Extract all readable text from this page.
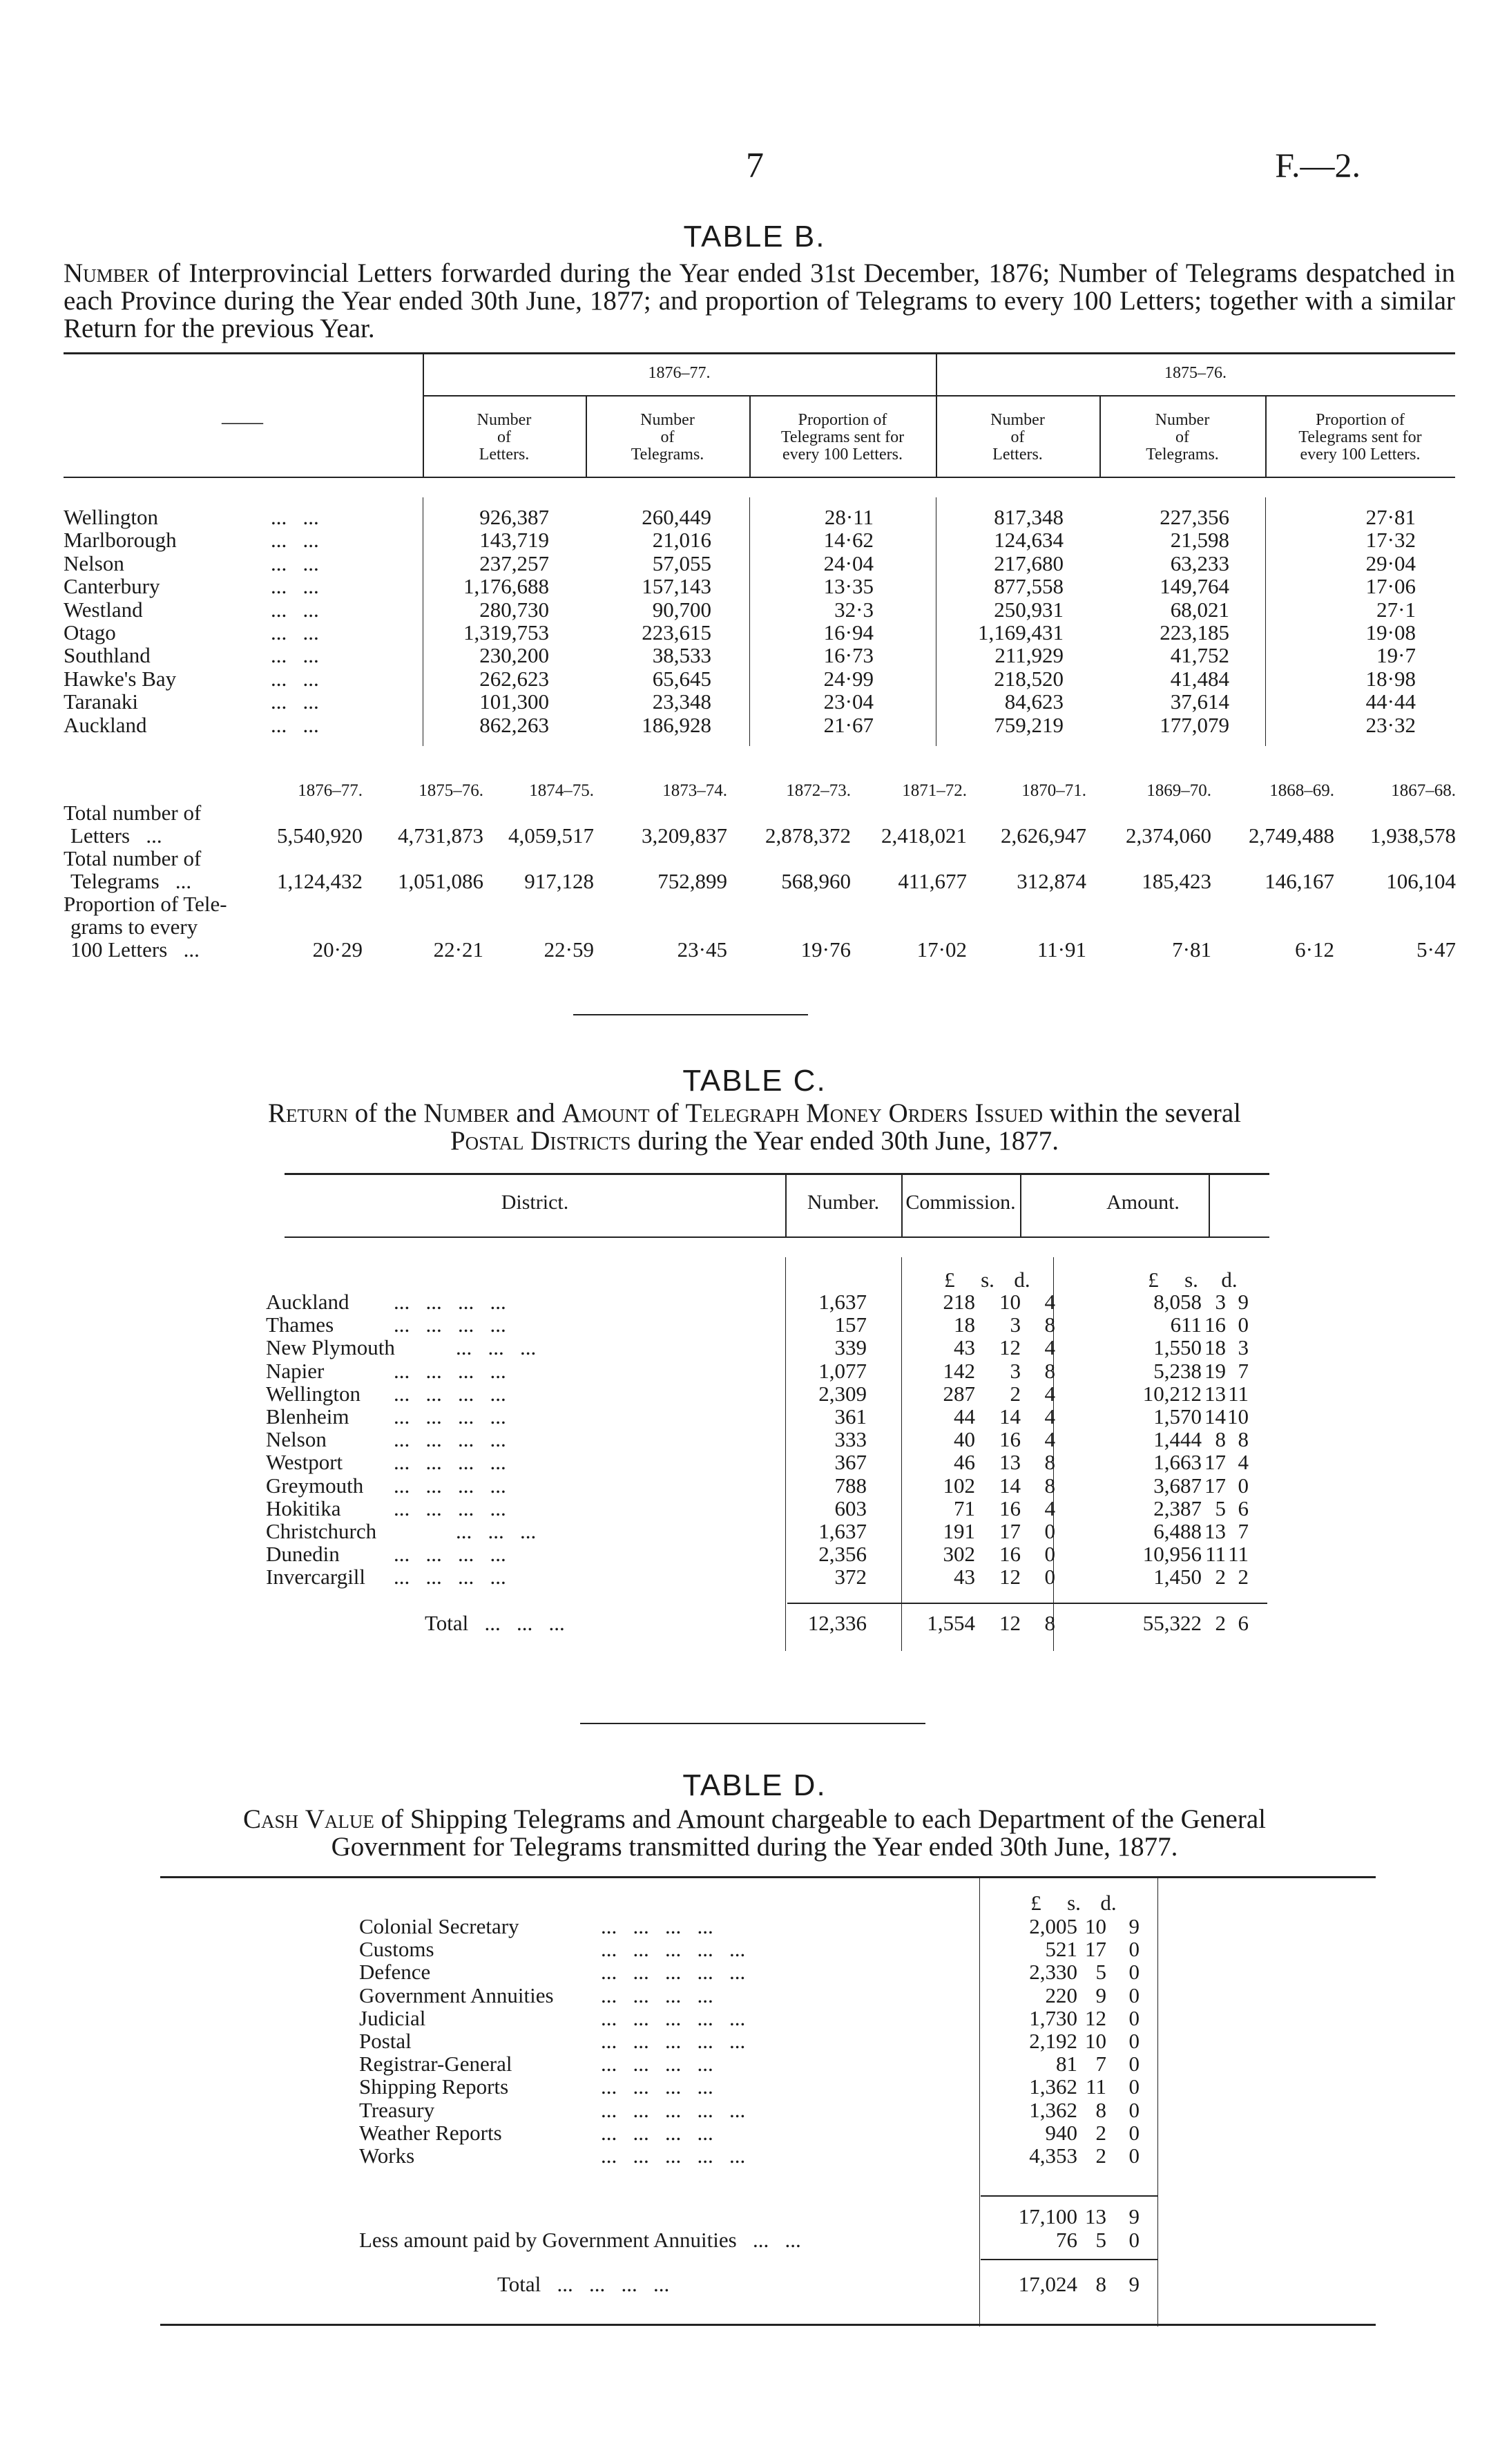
7	F.—2.
TABLE B.
Number of Interprovincial Letters forwarded during the Year ended 31st December, 1876; Number of Telegrams despatched in each Province during the Year ended 30th June, 1877; and proportion of Telegrams to every 100 Letters; together with a similar Return for the previous Year.
——
1876–77.	1875–76.
Number
of
Letters.
Number
of
Telegrams.
Proportion of
Telegrams sent for
every 100 Letters.
Number
of
Letters.
Number
of
Telegrams.
Proportion of
Telegrams sent for
every 100 Letters.
Wellington	...   ...	926,387	260,449	28·11	817,348	227,356	27·81
Marlborough	...   ...	143,719	21,016	14·62	124,634	21,598	17·32
Nelson	...   ...	237,257	57,055	24·04	217,680	63,233	29·04
Canterbury	...   ...	1,176,688	157,143	13·35	877,558	149,764	17·06
Westland	...   ...	280,730	90,700	32·3	250,931	68,021	27·1
Otago	...   ...	1,319,753	223,615	16·94	1,169,431	223,185	19·08
Southland	...   ...	230,200	38,533	16·73	211,929	41,752	19·7
Hawke's Bay	...   ...	262,623	65,645	24·99	218,520	41,484	18·98
Taranaki	...   ...	101,300	23,348	23·04	84,623	37,614	44·44
Auckland	...   ...	862,263	186,928	21·67	759,219	177,079	23·32
1876–77.	1875–76.	1874–75.	1873–74.	1872–73.	1871–72.	1870–71.	1869–70.	1868–69.	1867–68.
Total number of
Letters   ...
Total number of
Telegrams   ...
Proportion of Tele-
grams to every
100 Letters   ...
5,540,920	4,731,873	4,059,517	3,209,837	2,878,372	2,418,021	2,626,947	2,374,060	2,749,488	1,938,578
1,124,432	1,051,086	917,128	752,899	568,960	411,677	312,874	185,423	146,167	106,104
20·29	22·21	22·59	23·45	19·76	17·02	11·91	7·81	6·12	5·47
TABLE C.
Return of the Number and Amount of Telegraph Money Orders Issued within the several
Postal Districts during the Year ended 30th June, 1877.
District.	Number.	Commission.	Amount.
£	s. d.	£	s.	d.
Auckland ...   ...   ...   ...	1,637	218	10	4	8,058 3 9
Thames	...   ...   ...   ...	157	18	3	8	611 16 0
New Plymouth	...   ...   ...	339	43	12	4	1,550 18 3
Napier	...   ...   ...   ...	1,077	142	3	8	5,238 19 7
Wellington ...   ...   ...   ...	2,309	287	2	4	10,212 13 11
Blenheim ...   ...   ...   ...	361	44	14	4	1,570 14 10
Nelson	...   ...   ...   ...	333	40	16	4	1,444 8 8
Westport ...   ...   ...   ...	367	46	13	8	1,663 17 4
Greymouth ...   ...   ...   ...	788	102	14	8	3,687 17 0
Hokitika ...   ...   ...   ...	603	71	16	4	2,387 5 6
Christchurch	...   ...   ...	1,637	191	17	0	6,488 13 7
Dunedin	...   ...   ...   ...	2,356	302	16	0	10,956 11 11
Invercargill ...   ...   ...   ...	372	43	12	0	1,450 2 2
Total ...   ...   ...	12,336	1,554	12	8	55,322 2 6
TABLE D.
Cash Value of Shipping Telegrams and Amount chargeable to each Department of the General
Government for Telegrams transmitted during the Year ended 30th June, 1877.
£	s. d.
Colonial Secretary	...   ...   ...   ...	2,005 10	9
Customs	...   ...   ...   ...   ...	521 17	0
Defence	...   ...   ...   ...   ...	2,330 5	0
Government Annuities ...   ...   ...   ...	220 9	0
Judicial	...   ...   ...   ...   ...	1,730 12	0
Postal	...   ...   ...   ...   ...	2,192 10	0
Registrar-General	...   ...   ...   ...	81 7	0
Shipping Reports	...   ...   ...   ...	1,362 11	0
Treasury	...   ...   ...   ...   ...	1,362 8	0
Weather Reports	...   ...   ...   ...	940 2	0
Works	...   ...   ...   ...   ...	4,353 2	0
17,100 13	9
Less amount paid by Government Annuities ...   ...	76 5	0
Total ...   ...   ...   ...	17,024 8	9
